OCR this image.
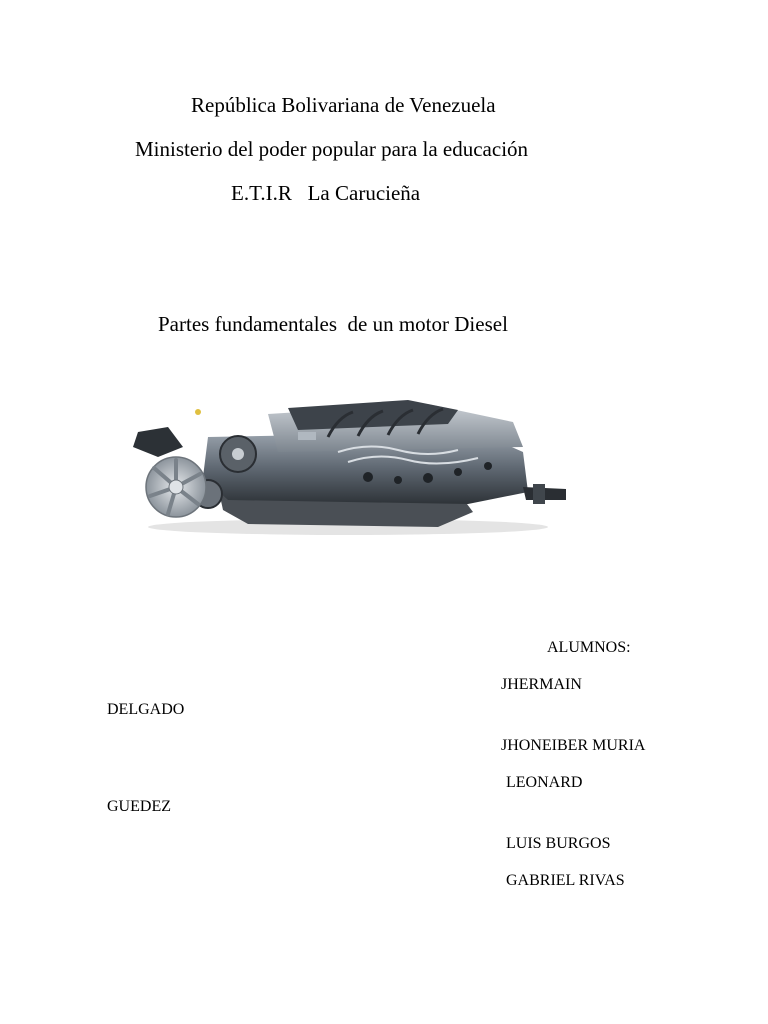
República Bolivariana de Venezuela
Ministerio del poder popular para la educación
E.T.I.R   La Carucieña
Partes fundamentales  de un motor Diesel
ALUMNOS:
JHERMAIN
DELGADO
JHONEIBER MURIA
LEONARD
GUEDEZ
LUIS BURGOS
GABRIEL RIVAS
